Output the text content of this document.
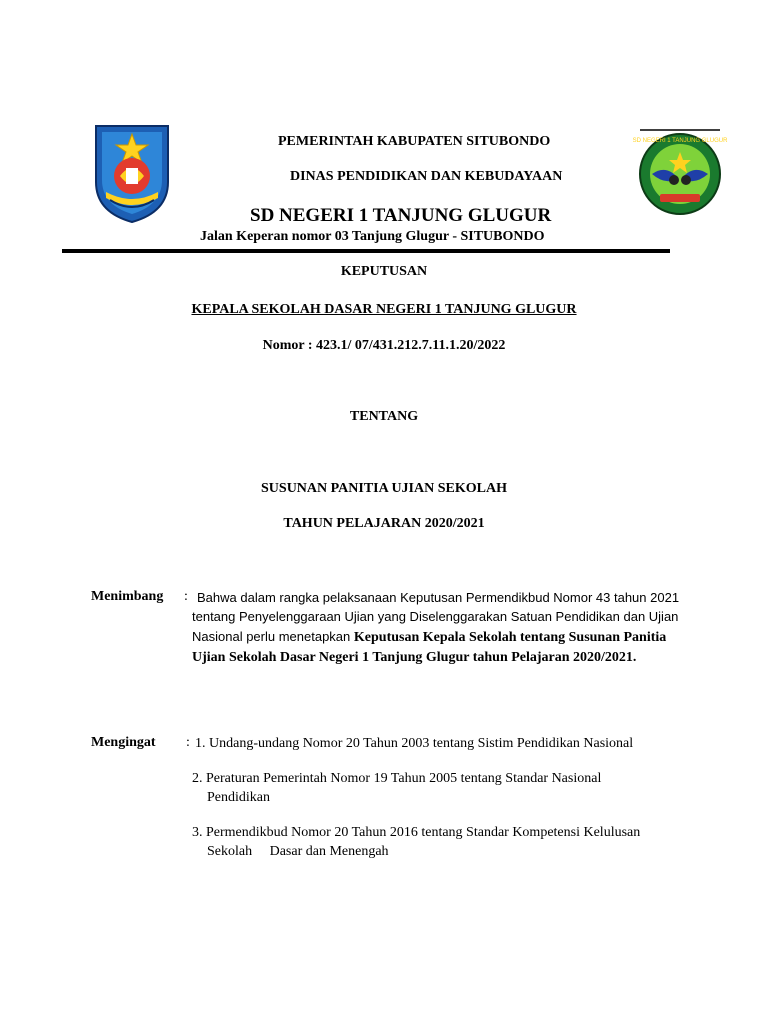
SD NEGERI 1 TANJUNG GLUGUR
PEMERINTAH KABUPATEN SITUBONDO
DINAS PENDIDIKAN DAN KEBUDAYAAN
SD NEGERI 1 TANJUNG GLUGUR
Jalan Keperan nomor 03 Tanjung Glugur - SITUBONDO
KEPUTUSAN
KEPALA SEKOLAH DASAR NEGERI 1 TANJUNG GLUGUR
Nomor : 423.1/ 07/431.212.7.11.1.20/2022
TENTANG
SUSUNAN PANITIA UJIAN SEKOLAH
TAHUN PELAJARAN 2020/2021
Menimbang : Bahwa dalam rangka pelaksanaan Keputusan Permendikbud Nomor 43 tahun 2021 tentang Penyelenggaraan Ujian yang Diselenggarakan Satuan Pendidikan dan Ujian Nasional perlu menetapkan Keputusan Kepala Sekolah tentang Susunan Panitia Ujian Sekolah Dasar Negeri 1 Tanjung Glugur tahun Pelajaran 2020/2021.
Mengingat : 1. Undang-undang Nomor 20 Tahun 2003 tentang Sistim Pendidikan Nasional
2. Peraturan Pemerintah Nomor 19 Tahun 2005 tentang Standar Nasional
Pendidikan
3. Permendikbud Nomor 20 Tahun 2016 tentang Standar Kompetensi Kelulusan
Sekolah     Dasar dan Menengah
